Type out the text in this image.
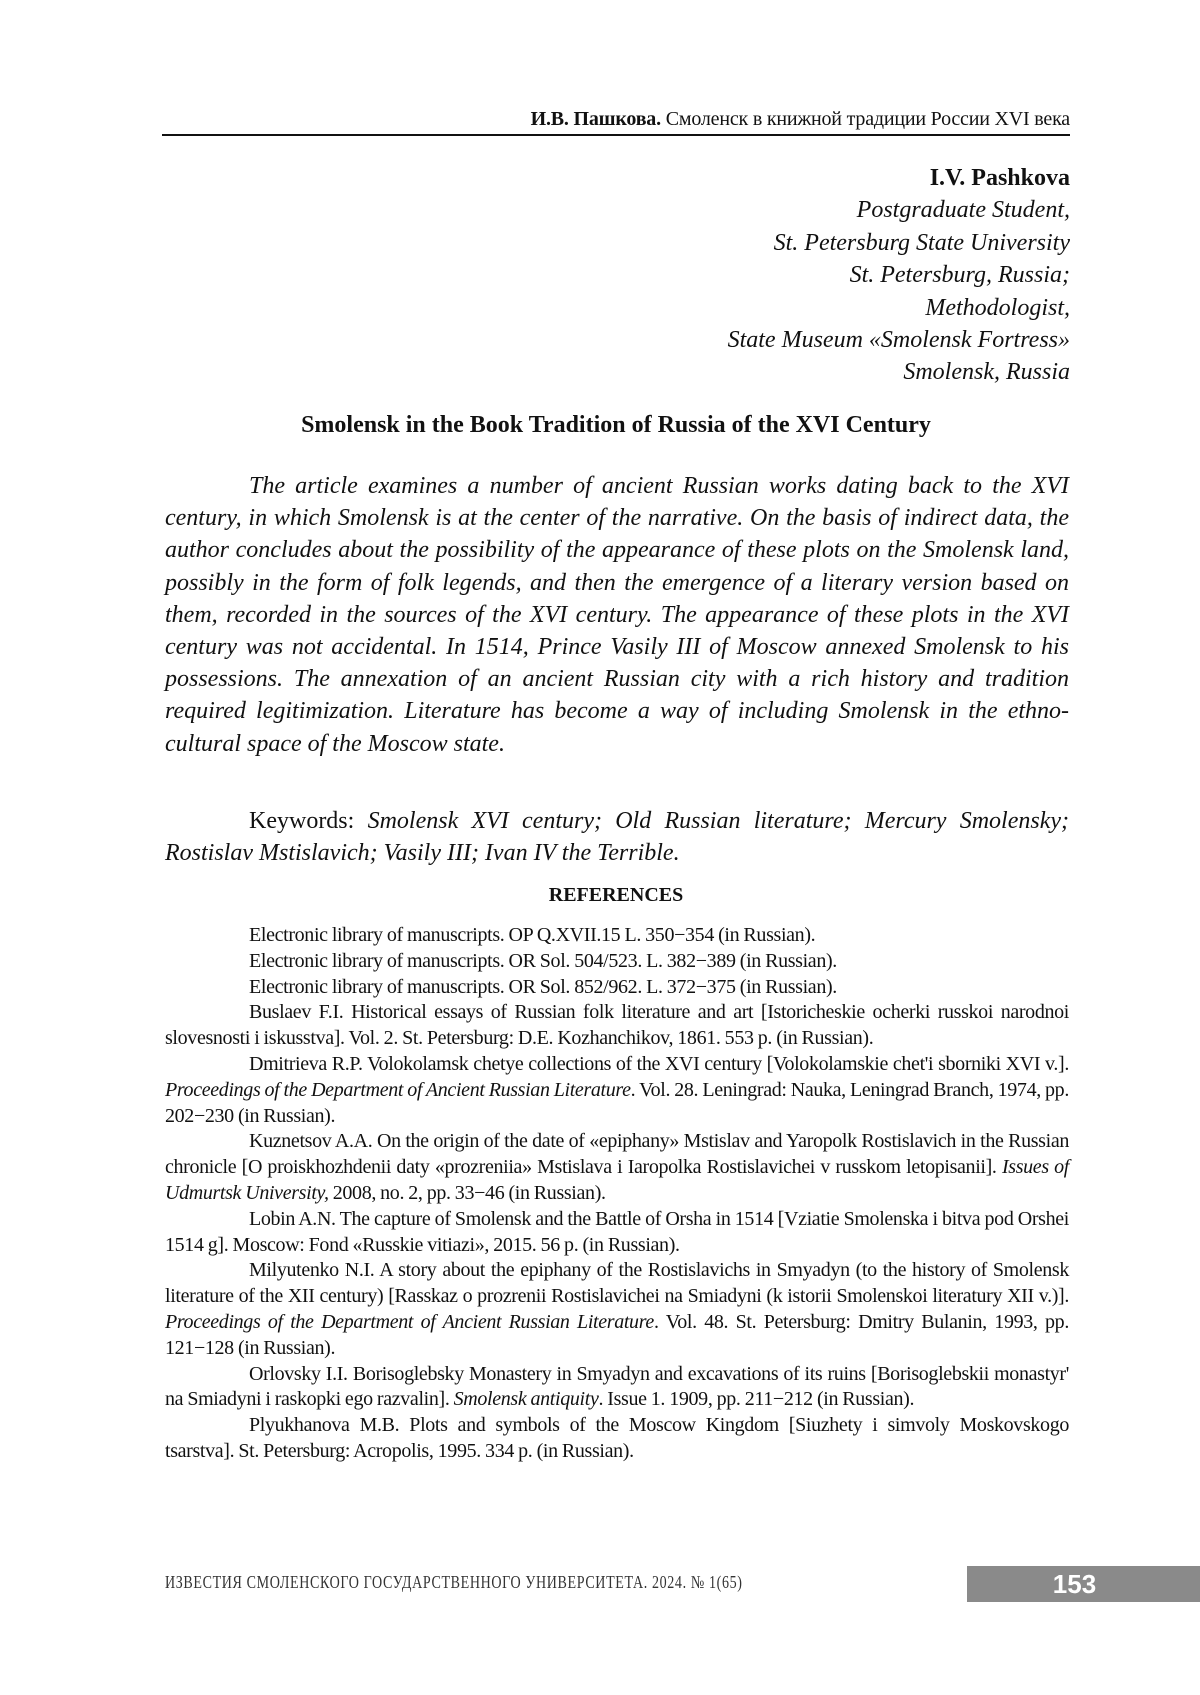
И.В. Пашкова. Смоленск в книжной традиции России XVI века
I.V. Pashkova
Postgraduate Student,
St. Petersburg State University
St. Petersburg, Russia;
Methodologist,
State Museum «Smolensk Fortress»
Smolensk, Russia
Smolensk in the Book Tradition of Russia of the XVI Century

The article examines a number of ancient Russian works dating back to the XVI century, in which Smolensk is at the center of the narrative. On the basis of indirect data, the author concludes about the possibility of the appearance of these plots on the Smolensk land, possibly in the form of folk legends, and then the emergence of a literary version based on them, recorded in the sources of the XVI century. The appearance of these plots in the XVI century was not accidental. In 1514, Prince Vasily III of Moscow annexed Smolensk to his possessions. The annexation of an ancient Russian city with a rich history and tradition required legitimization. Literature has become a way of including Smolensk in the ethno-cultural space of the Moscow state.

Keywords: Smolensk XVI century; Old Russian literature; Mercury Smolensky; Rostislav Mstislavich; Vasily III; Ivan IV the Terrible.

REFERENCES

Electronic library of manuscripts. OP Q.XVII.15 L. 350−354 (in Russian).

Electronic library of manuscripts. OR Sol. 504/523. L. 382−389 (in Russian).

Electronic library of manuscripts. OR Sol. 852/962. L. 372−375 (in Russian).

Buslaev F.I. Historical essays of Russian folk literature and art [Istoricheskie ocherki russkoi narodnoi slovesnosti i iskusstva]. Vol. 2. St. Petersburg: D.E. Kozhanchikov, 1861. 553 p. (in Russian).

Dmitrieva R.P. Volokolamsk chetye collections of the XVI century [Volokolamskie chet'i sborniki XVI v.]. Proceedings of the Department of Ancient Russian Literature. Vol. 28. Leningrad: Nauka, Leningrad Branch, 1974, pp. 202−230 (in Russian).

Kuznetsov A.A. On the origin of the date of «epiphany» Mstislav and Yaropolk Rostislavich in the Russian chronicle [O proiskhozhdenii daty «prozreniia» Mstislava i Iaropolka Rostislavichei v russkom letopisanii]. Issues of Udmurtsk University, 2008, no. 2, pp. 33−46 (in Russian).

Lobin A.N. The capture of Smolensk and the Battle of Orsha in 1514 [Vziatie Smolenska i bitva pod Orshei 1514 g]. Moscow: Fond «Russkie vitiazi», 2015. 56 p. (in Russian).

Milyutenko N.I. A story about the epiphany of the Rostislavichs in Smyadyn (to the history of Smolensk literature of the XII century) [Rasskaz o prozrenii Rostislavichei na Smiadyni (k istorii Smolenskoi literatury XII v.)]. Proceedings of the Department of Ancient Russian Literature. Vol. 48. St. Petersburg: Dmitry Bulanin, 1993, pp. 121−128 (in Russian).

Orlovsky I.I. Borisoglebsky Monastery in Smyadyn and excavations of its ruins [Borisoglebskii monastyr' na Smiadyni i raskopki ego razvalin]. Smolensk antiquity. Issue 1. 1909, pp. 211−212 (in Russian).

Plyukhanova M.B. Plots and symbols of the Moscow Kingdom [Siuzhety i simvoly Moskovskogo tsarstva]. St. Petersburg: Acropolis, 1995. 334 p. (in Russian).

ИЗВЕСТИЯ СМОЛЕНСКОГО ГОСУДАРСТВЕННОГО УНИВЕРСИТЕТА. 2024. № 1(65)	153
